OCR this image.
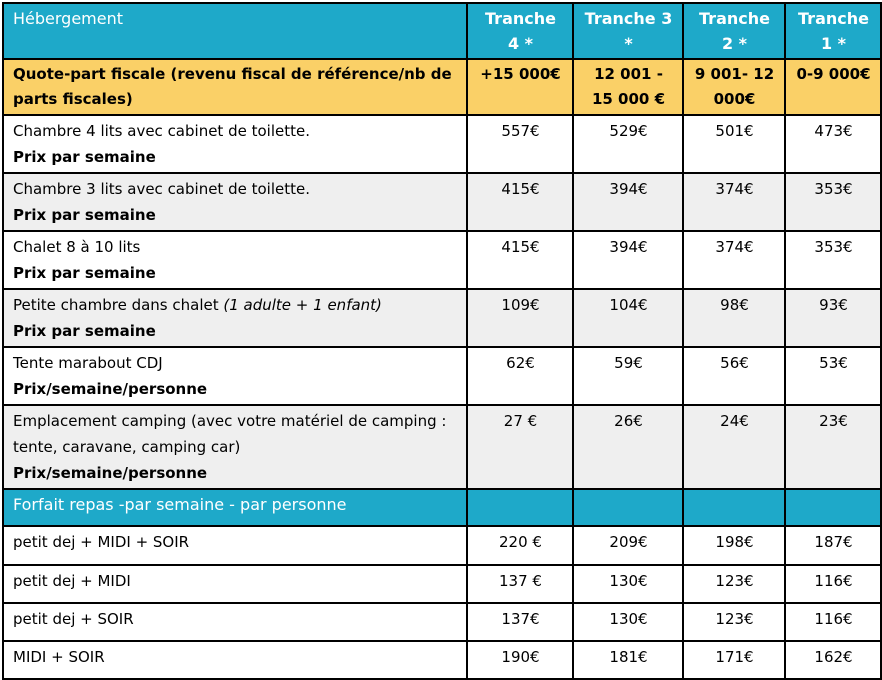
Hébergement	Tranche 4 *	Tranche 3 *	Tranche 2 *	Tranche 1 *
Quote-part fiscale (revenu fiscal de référence/nb de parts fiscales)	+15 000€	12 001 - 15 000 €	9 001- 12 000€	0-9 000€

Chambre 4 lits avec cabinet de toilette.
Prix par semaine	557€	529€	501€	473€

Chambre 3 lits avec cabinet de toilette.
Prix par semaine	415€	394€	374€	353€

Chalet 8 à 10 lits
Prix par semaine	415€	394€	374€	353€

Petite chambre dans chalet (1 adulte + 1 enfant)
Prix par semaine	109€	104€	98€	93€

Tente marabout CDJ
Prix/semaine/personne	62€	59€	56€	53€

Emplacement camping (avec votre matériel de camping : tente, caravane, camping car)
Prix/semaine/personne	27 €	26€	24€	23€
Forfait repas -par semaine - par personne				
petit dej + MIDI + SOIR	220 €	209€	198€	187€
petit dej + MIDI	137 €	130€	123€	116€
petit dej + SOIR	137€	130€	123€	116€
MIDI + SOIR	190€	181€	171€	162€
